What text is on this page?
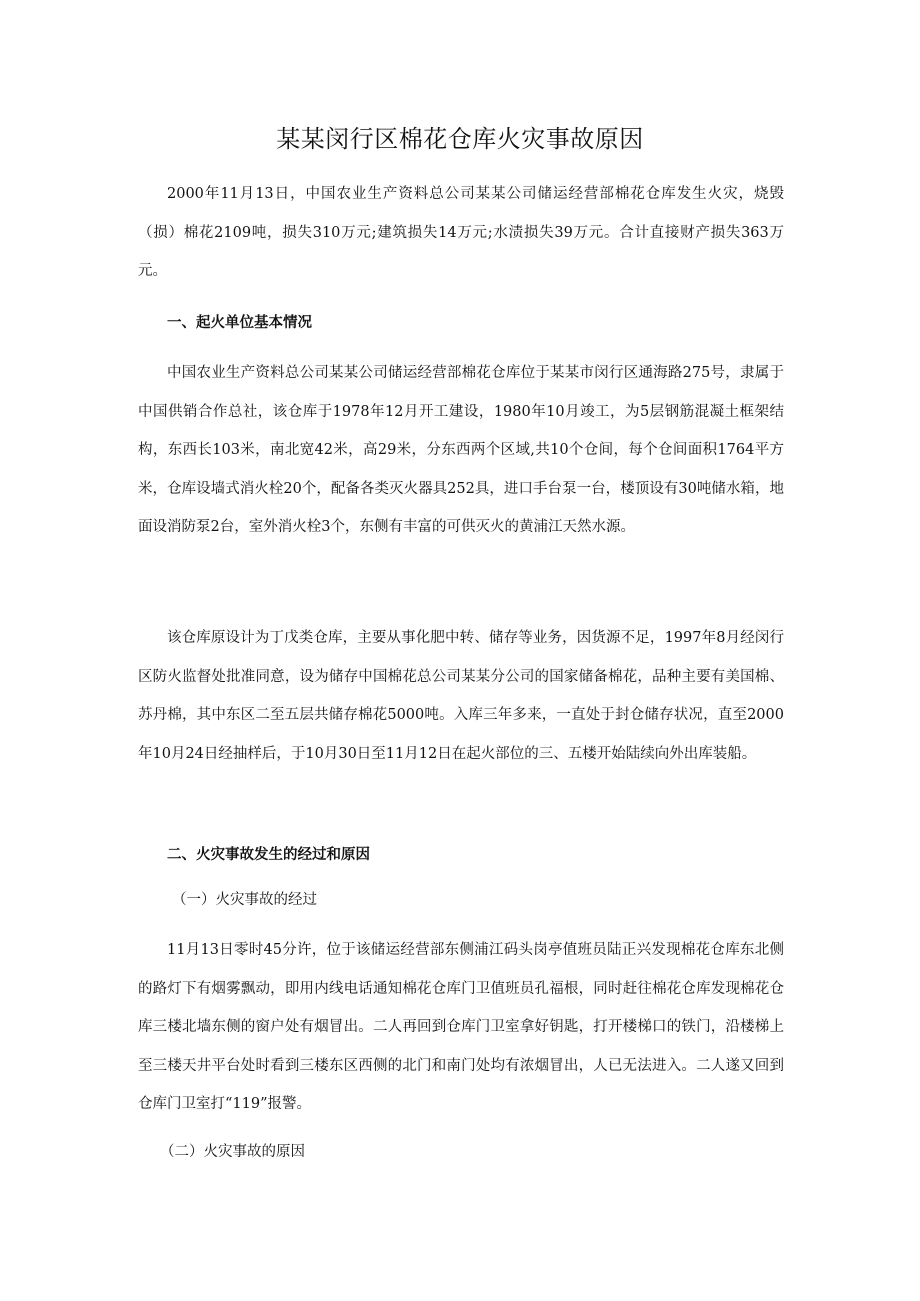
某某闵行区棉花仓库火灾事故原因

2000年11月13日，中国农业生产资料总公司某某公司储运经营部棉花仓库发生火灾，烧毁（损）棉花2109吨，损失310万元;建筑损失14万元;水渍损失39万元。合计直接财产损失363万元。

一、起火单位基本情况

中国农业生产资料总公司某某公司储运经营部棉花仓库位于某某市闵行区通海路275号，隶属于中国供销合作总社，该仓库于1978年12月开工建设，1980年10月竣工，为5层钢筋混凝土框架结构，东西长103米，南北宽42米，高29米，分东西两个区域,共10个仓间，每个仓间面积1764平方米，仓库设墙式消火栓20个，配备各类灭火器具252具，进口手台泵一台，楼顶设有30吨储水箱，地面设消防泵2台，室外消火栓3个，东侧有丰富的可供灭火的黄浦江天然水源。

该仓库原设计为丁戊类仓库，主要从事化肥中转、储存等业务，因货源不足，1997年8月经闵行区防火监督处批准同意，设为储存中国棉花总公司某某分公司的国家储备棉花，品种主要有美国棉、苏丹棉，其中东区二至五层共储存棉花5000吨。入库三年多来，一直处于封仓储存状况，直至2000年10月24日经抽样后，于10月30日至11月12日在起火部位的三、五楼开始陆续向外出库装船。

二、火灾事故发生的经过和原因

（一）火灾事故的经过

11月13日零时45分许，位于该储运经营部东侧浦江码头岗亭值班员陆正兴发现棉花仓库东北侧的路灯下有烟雾飘动，即用内线电话通知棉花仓库门卫值班员孔福根，同时赶往棉花仓库发现棉花仓库三楼北墙东侧的窗户处有烟冒出。二人再回到仓库门卫室拿好钥匙，打开楼梯口的铁门，沿楼梯上至三楼天井平台处时看到三楼东区西侧的北门和南门处均有浓烟冒出，人已无法进入。二人遂又回到仓库门卫室打“119”报警。

（二）火灾事故的原因
